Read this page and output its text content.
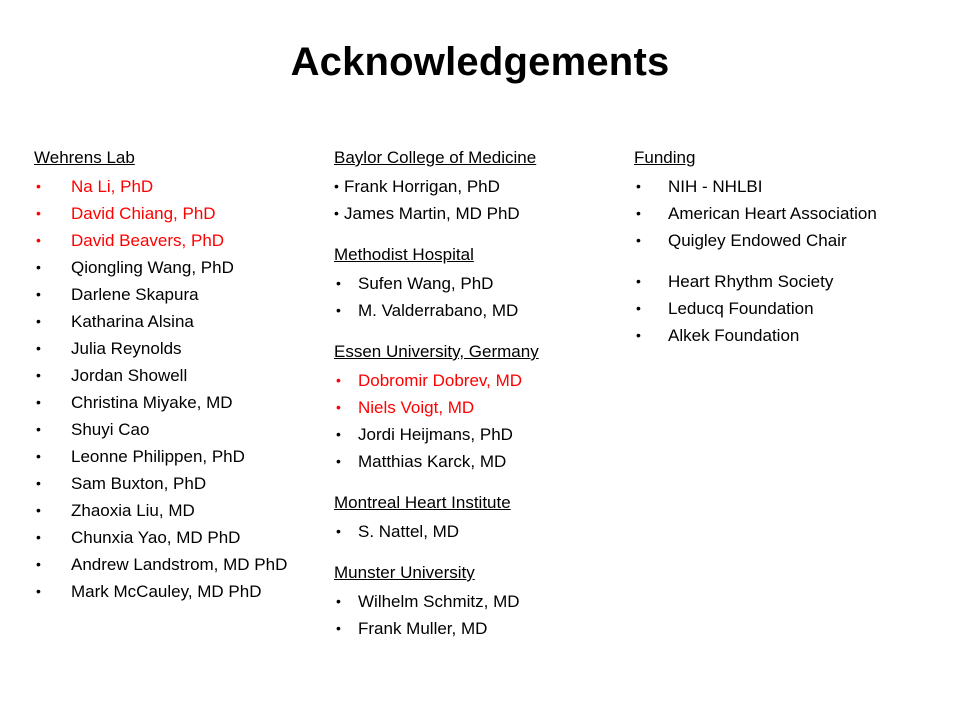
Acknowledgements
Wehrens Lab
• Na Li, PhD
• David Chiang, PhD
• David Beavers, PhD
• Qiongling Wang, PhD
• Darlene Skapura
• Katharina Alsina
• Julia Reynolds
• Jordan Showell
• Christina Miyake, MD
• Shuyi Cao
• Leonne Philippen, PhD
• Sam Buxton, PhD
• Zhaoxia Liu, MD
• Chunxia Yao, MD PhD
• Andrew Landstrom, MD PhD
• Mark McCauley, MD PhD
Baylor College of Medicine
• Frank Horrigan, PhD
• James Martin, MD PhD
Methodist Hospital
• Sufen Wang, PhD
• M. Valderrabano, MD
Essen University, Germany
• Dobromir Dobrev, MD
• Niels Voigt, MD
• Jordi Heijmans, PhD
• Matthias Karck, MD
Montreal Heart Institute
• S. Nattel, MD
Munster University
• Wilhelm Schmitz, MD
• Frank Muller, MD
Funding
• NIH - NHLBI
• American Heart Association
• Quigley Endowed Chair

• Heart Rhythm Society
• Leducq Foundation
• Alkek Foundation
